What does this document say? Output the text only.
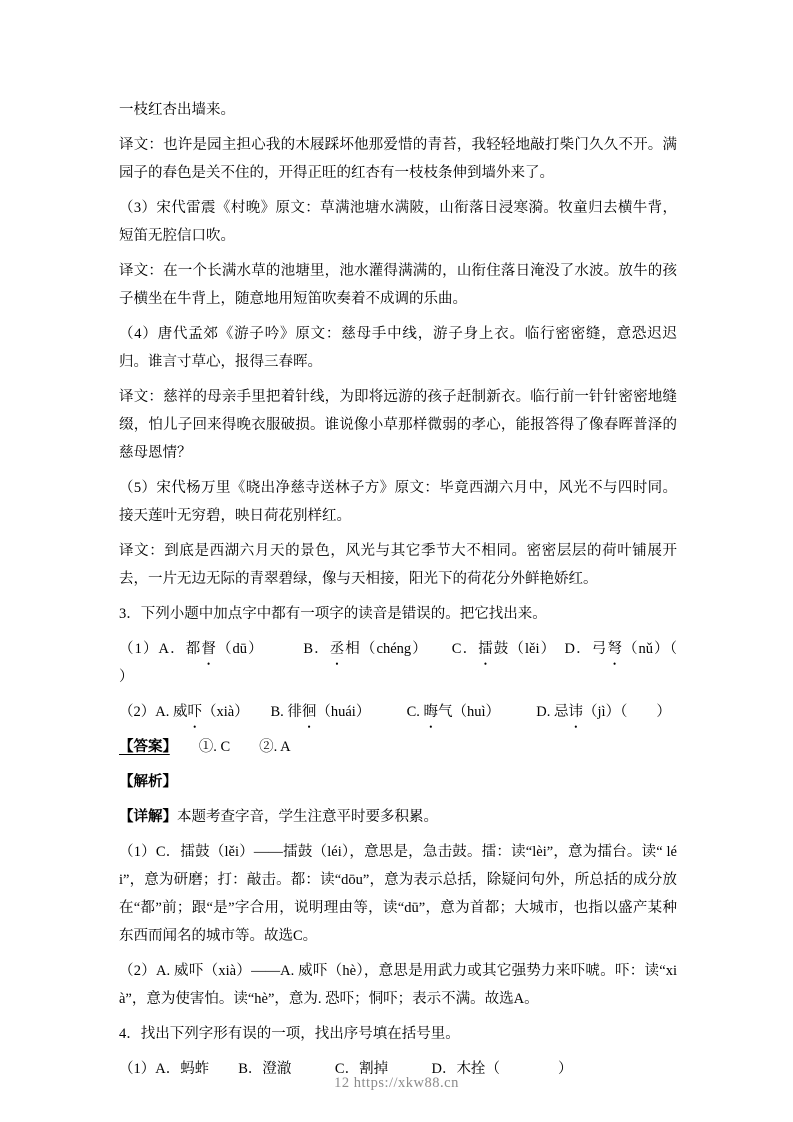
一枝红杏出墙来。

译文：也许是园主担心我的木屐踩坏他那爱惜的青苔，我轻轻地敲打柴门久久不开。满园子的春色是关不住的，开得正旺的红杏有一枝枝条伸到墙外来了。

（3）宋代雷震《村晚》原文：草满池塘水满陂，山衔落日浸寒漪。牧童归去横牛背，短笛无腔信口吹。

译文：在一个长满水草的池塘里，池水灌得满满的，山衔住落日淹没了水波。放牛的孩子横坐在牛背上，随意地用短笛吹奏着不成调的乐曲。

（4）唐代孟郊《游子吟》原文：慈母手中线，游子身上衣。临行密密缝，意恐迟迟归。谁言寸草心，报得三春晖。

译文：慈祥的母亲手里把着针线，为即将远游的孩子赶制新衣。临行前一针针密密地缝缀，怕儿子回来得晚衣服破损。谁说像小草那样微弱的孝心，能报答得了像春晖普泽的慈母恩情？

（5）宋代杨万里《晓出净慈寺送林子方》原文：毕竟西湖六月中，风光不与四时同。接天莲叶无穷碧，映日荷花别样红。

译文：到底是西湖六月天的景色，风光与其它季节大不相同。密密层层的荷叶铺展开去，一片无边无际的青翠碧绿，像与天相接，阳光下的荷花分外鲜艳娇红。

3．下列小题中加点字中都有一项字的读音是错误的。把它找出来。

（1）A．都督（dū）　　　B．丞相（chéng）　　C．擂鼓（lěi）　D．弓弩（nǔ）（　　　　）

（2）A. 威吓（xià）　　B. 徘徊（huái）　　　C. 晦气（huì）　　　D. 忌讳（jì）（　　）

【答案】　　①. C　　②. A

【解析】

【详解】本题考查字音，学生注意平时要多积累。

（1）C．擂鼓（lěi）——擂鼓（léi），意思是，急击鼓。擂：读“lèi”，意为擂台。读“ léi”，意为研磨；打：敲击。都：读“dōu”，意为表示总括，除疑问句外，所总括的成分放在“都”前；跟“是”字合用，说明理由等，读“dū”，意为首都；大城市，也指以盛产某种东西而闻名的城市等。故选C。

（2）A. 威吓（xià）——A. 威吓（hè），意思是用武力或其它强势力来吓唬。吓：读“xià”，意为使害怕。读“hè”，意为. 恐吓；恫吓；表示不满。故选A。

4．找出下列字形有误的一项，找出序号填在括号里。

（1）A．蚂蚱　　B．澄澈　　　C．割掉　　　D．木拴（　　　　）

12 https://xkw88.cn
